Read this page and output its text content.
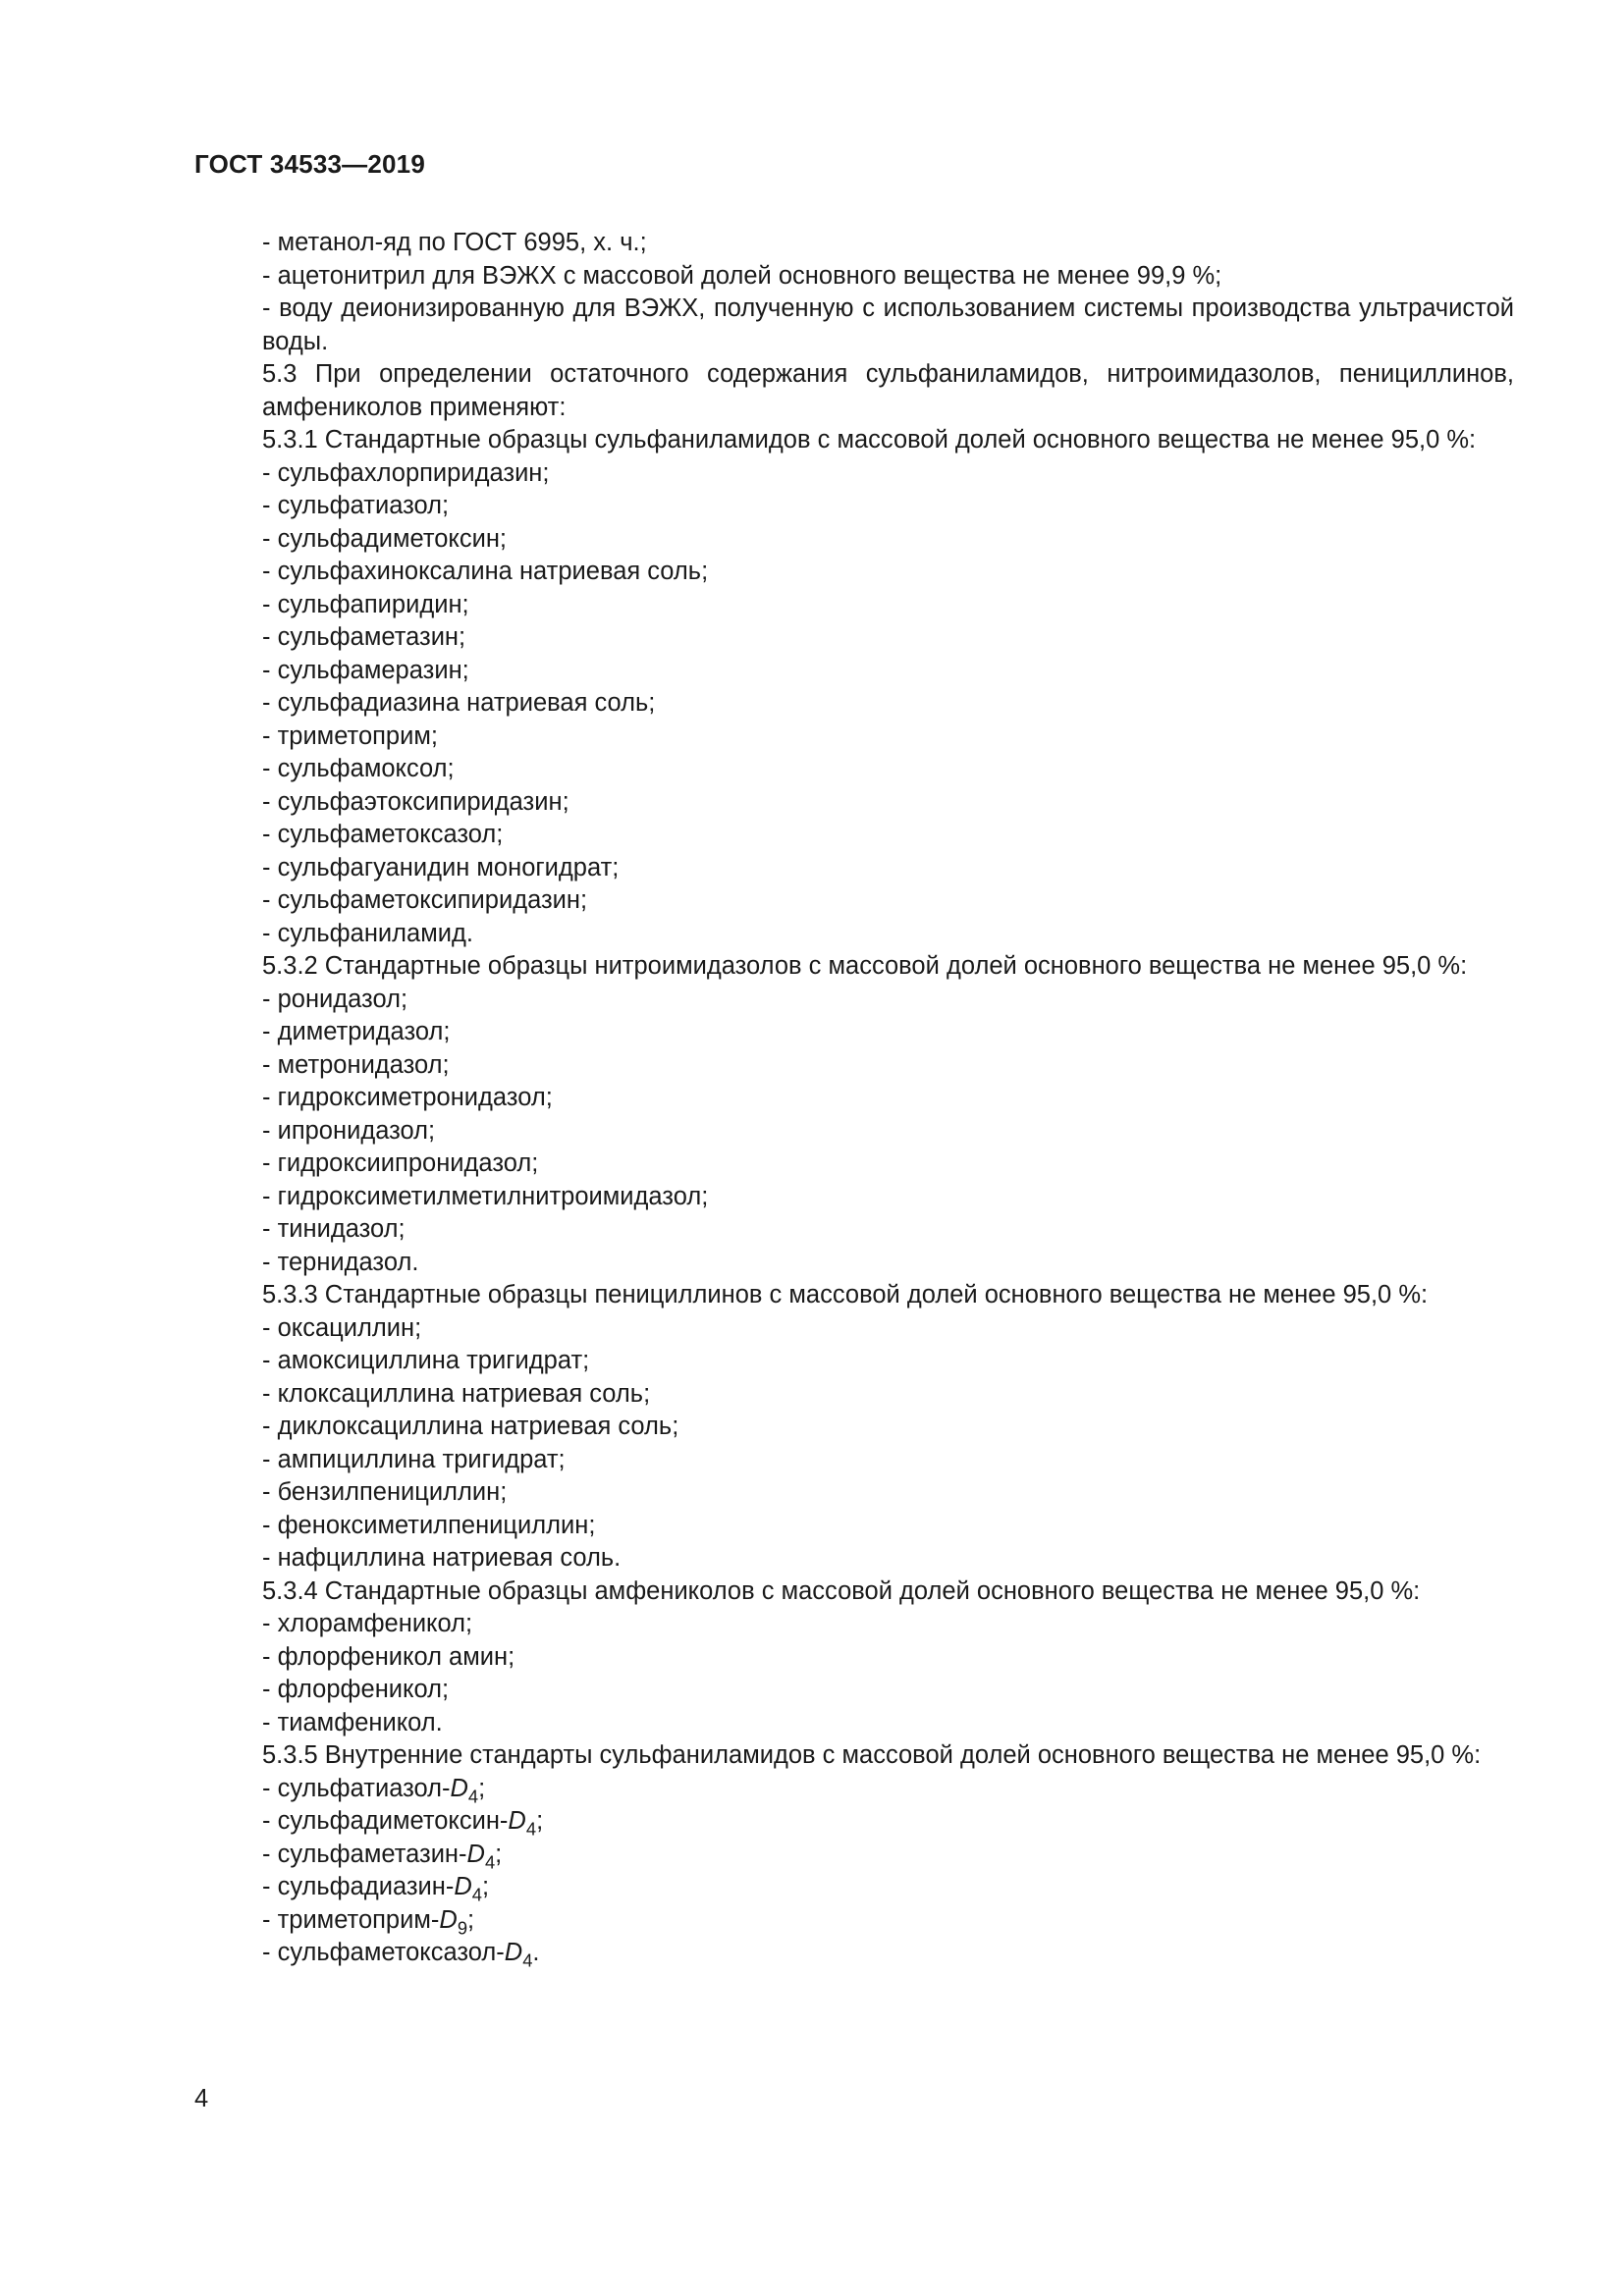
ГОСТ 34533—2019

- метанол-яд по ГОСТ 6995, х. ч.;

- ацетонитрил для ВЭЖХ с массовой долей основного вещества не менее 99,9 %;

- воду деионизированную для ВЭЖХ, полученную с использованием системы производства ультрачистой воды.

5.3 При определении остаточного содержания сульфаниламидов, нитроимидазолов, пенициллинов, амфениколов применяют:

5.3.1 Стандартные образцы сульфаниламидов с массовой долей основного вещества не менее 95,0 %:

- сульфахлорпиридазин;

- сульфатиазол;

- сульфадиметоксин;

- сульфахиноксалина натриевая соль;

- сульфапиридин;

- сульфаметазин;

- сульфамеразин;

- сульфадиазина натриевая соль;

- триметоприм;

- сульфамоксол;

- сульфаэтоксипиридазин;

- сульфаметоксазол;

- сульфагуанидин моногидрат;

- сульфаметоксипиридазин;

- сульфаниламид.

5.3.2 Стандартные образцы нитроимидазолов с массовой долей основного вещества не менее 95,0 %:

- ронидазол;

- диметридазол;

- метронидазол;

- гидроксиметронидазол;

- ипронидазол;

- гидроксиипронидазол;

- гидроксиметилметилнитроимидазол;

- тинидазол;

- тернидазол.

5.3.3 Стандартные образцы пенициллинов с массовой долей основного вещества не менее 95,0 %:

- оксациллин;

- амоксициллина тригидрат;

- клоксациллина натриевая соль;

- диклоксациллина натриевая соль;

- ампициллина тригидрат;

- бензилпенициллин;

- феноксиметилпенициллин;

- нафциллина натриевая соль.

5.3.4 Стандартные образцы амфениколов с массовой долей основного вещества не менее 95,0 %:

- хлорамфеникол;

- флорфеникол амин;

- флорфеникол;

- тиамфеникол.

5.3.5 Внутренние стандарты сульфаниламидов с массовой долей основного вещества не менее 95,0 %:

- сульфатиазол-$D_4$;

- сульфадиметоксин-$D_4$;

- сульфаметазин-$D_4$;

- сульфадиазин-$D_4$;

- триметоприм-$D_9$;

- сульфаметоксазол-$D_4$.

4
